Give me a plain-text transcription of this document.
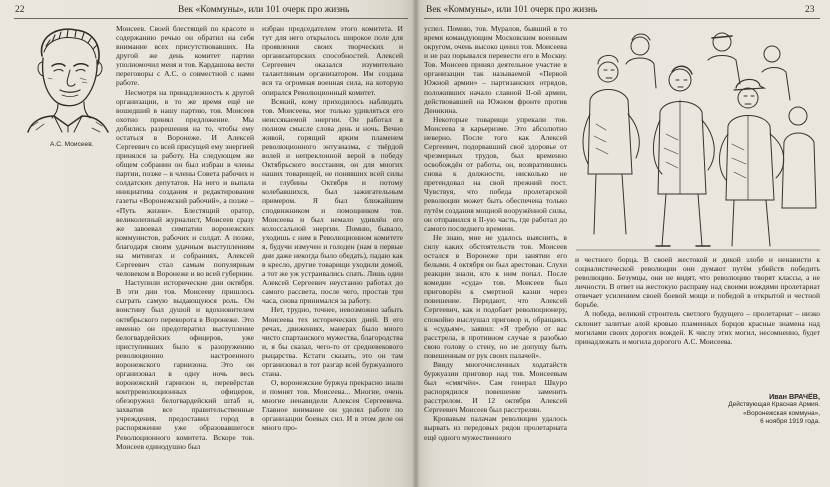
22	Век «Коммуны», или 101 очерк про жизнь
А.С. Моисеев.

Моисеев. Своей блестящей по красоте и содержанию речью он обратил на себя внимание всех присутствовавших. На другой же день комитет партии уполномочил меня и тов. Кардашова вести переговоры с А.С. о совместной с нами работе.

Несмотря на принадлежность к другой организации, в то же время ещё не вошедший в нашу партию, тов. Моисеев охотно принял предложение. Мы добились разрешения на то, чтобы ему остаться в Воронеже. И Алексей Сергеевич со всей присущей ему энергией принялся за работу. На следующем же общем собрании он был избран в члены партии, позже – в члены Совета рабочих и солдатских депутатов. На него и выпала инициатива создания и редактирования газеты «Воронежский рабочий», а позже – «Путь жизни». Блестящий оратор, великолепный журналист, Моисеев сразу же завоевал симпатии воронежских коммунистов, рабочих и солдат. А позже, благодаря своим удачным выступлениям на митингах и собраниях, Алексей Сергеевич стал самым популярным человеком в Воронеже и во всей губернии.

Наступили исторические дни октября. В эти дни тов. Моисееву пришлось сыграть самую выдающуюся роль. Он воистину был душой и вдохновителем октябрьского переворота в Воронеже. Это именно он предотвратил выступление белогвардейских офицеров, уже приступивших было к разоружению революционно настроенного воронежского гарнизона. Это он организовал в одну ночь весь воронежский гарнизон и, перевёрстав контрреволюционных офицеров, обезоружил белогвардейский штаб и, захватив все правительственные учреждения, предоставил город в распоряжение уже образовавшегося Революционного комитета. Вскоре тов. Моисеев единодушно был

избран председателем этого комитета. И тут для него открылось широкое поле для проявления своих творческих и организаторских способностей. Алексей Сергеевич оказался изумительно талантливым организатором. Им создана вся та огромная военная сила, на которую опирался Революционный комитет.

Всякий, кому приходилось наблюдать тов. Моисеева, мог только удивляться его неиссякаемой энергии. Он работал в полном смысле слова день и ночь. Вечно живой, горящий ярким пламенем революционного энтузиазма, с твёрдой волей и непреклонной верой в победу Октябрьского восстания, он для многих наших товарищей, не понявших всей силы и глубины Октября и потому колебавшихся, был зажигательным примером. Я был ближайшим сподвижником и помощником тов. Моисеева и был немало удивлён его колоссальной энергии. Помню, бывало, уходишь с ним в Революционном комитете я, будучи измучен и голоден (нам в первые дни даже некогда было обедать), падаю как в кресло, другие товарищи уходили домой, а тот же уж устраивались спать. Лишь один Алексей Сергеевич неустанно работал до самого рассвета, после чего, простав три часа, снова принимался за работу.

Нет, трудно, точнее, невозможно забыть Моисеева тех исторических дней. В его речах, движениях, манерах было много чисто спартанского мужества, благородства и, я бы сказал, чего-то от средневекового рыцарства. Кстати сказать, это он там организовал в тот разгар всей буржуазного стана.

О, воронежские буржуа прекрасно знали и помнят тов. Моисеева... Многие, очень многие ненавидели Алексея Сергеевича. Главное внимание он уделял работе по организации боевых сил. И в этом деле он много про-

Век «Коммуны», или 101 очерк про жизнь	23

успел. Помню, тов. Муралов, бывший в то время командующим Московским военным округом, очень высоко ценил тов. Моисеева и не раз порывался перевести его в Москву. Тов. Моисеев принял деятельное участие в организации так называемой «Первой Южной армии» – партизанских отрядов, положивших начало славной II-ой армии, действовавшей на Южном фронте против Деникина.

Некоторые товарищи упрекали тов. Моисеева в карьеризме. Это абсолютно неверно. После того как Алексей Сергеевич, подорвавший своё здоровье от чрезмерных трудов, был временно освобождён от работы, он, возвратившись снова к должности, нисколько не претендовал на свой прежний пост. Чувствуя, что победа пролетарской революции может быть обеспечена только путём создания мощной вооружённой силы, он отправился в II-ую часть, где работал до самого последнего времени.

Не знаю, мне не удалось выяснить, в силу каких обстоятельств тов. Моисеев остался в Воронеже при занятии его белыми. 4 октября он был арестован. Слухи реакции знали, кто к ним попал. После комедии «суда» тов. Моисеев был приговорён к смертной казни через повешение. Передают, что Алексей Сергеевич, как и подобает революционеру, спокойно выслушал приговор и, обращаясь к «судьям», заявил: «Я требую от вас расстрела, в противном случае я разобью свою голову о стену, но не допущу быть повешенным от рук своих палачей».

Ввиду многочисленных ходатайств буржуазии приговор над тов. Моисеевым был «смягчён». Сам генерал Шкуро распорядился повешение заменить расстрелом. И 12 октября Алексей Сергеевич Моисеев был расстрелян.

Кровавым палачам революции удалось вырвать из передовых рядов пролетариата ещё одного мужественного

и честного борца. В своей жестокой и дикой злобе и ненависти к социалистической революции они думают путём убийств победить революцию. Безумцы, они не видят, что революцию творят классы, а не личности. В ответ на жестокую расправу над своими вождями пролетариат отвечает усилением своей боевой мощи и победой в открытой и честной борьбе.

А победа, великий стронтель светлого будущего – пролетариат – низко склонит залитые алой кровью пламенных борцов красные знамена над могилами своих дорогих вождей. К числу этих могил, несомненно, будет принадлежать и могила дорогого А.С. Моисеева.

Иван ВРАЧЁВ,
Действующая Красная Армия.
«Воронежская коммуна»,
6 ноября 1919 года.
